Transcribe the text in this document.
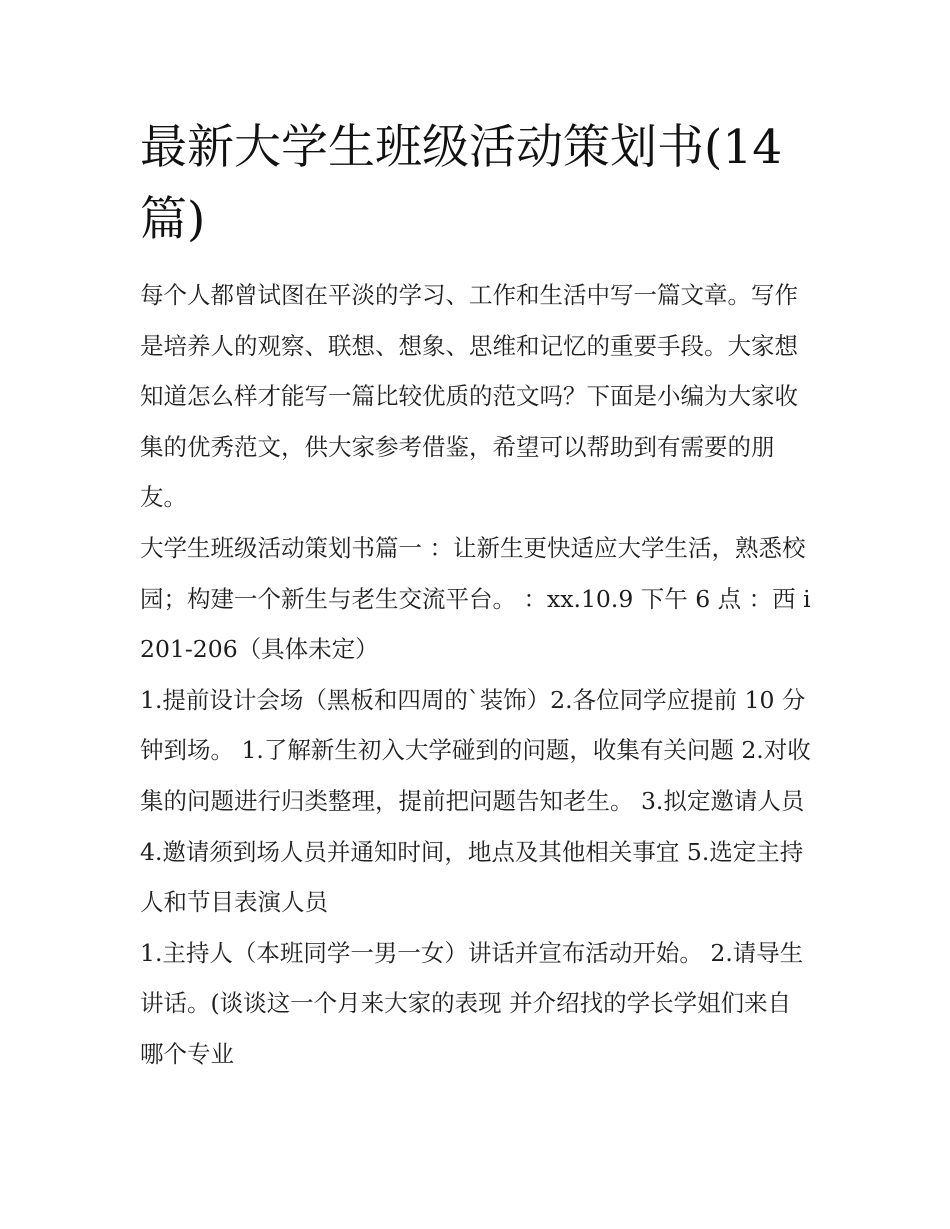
最新大学生班级活动策划书(14篇)

每个人都曾试图在平淡的学习、工作和生活中写一篇文章。写作是培养人的观察、联想、想象、思维和记忆的重要手段。大家想知道怎么样才能写一篇比较优质的范文吗？下面是小编为大家收集的优秀范文，供大家参考借鉴，希望可以帮助到有需要的朋友。

大学生班级活动策划书篇一 ：让新生更快适应大学生活，熟悉校园；构建一个新生与老生交流平台。 ：xx.10.9 下午 6 点 ：西 i201-206（具体未定）

1.提前设计会场（黑板和四周的`装饰）2.各位同学应提前 10 分钟到场。 1.了解新生初入大学碰到的问题，收集有关问题 2.对收集的问题进行归类整理，提前把问题告知老生。 3.拟定邀请人员 4.邀请须到场人员并通知时间，地点及其他相关事宜 5.选定主持人和节目表演人员

1.主持人（本班同学一男一女）讲话并宣布活动开始。 2.请导生讲话。(谈谈这一个月来大家的表现 并介绍找的学长学姐们来自哪个专业
